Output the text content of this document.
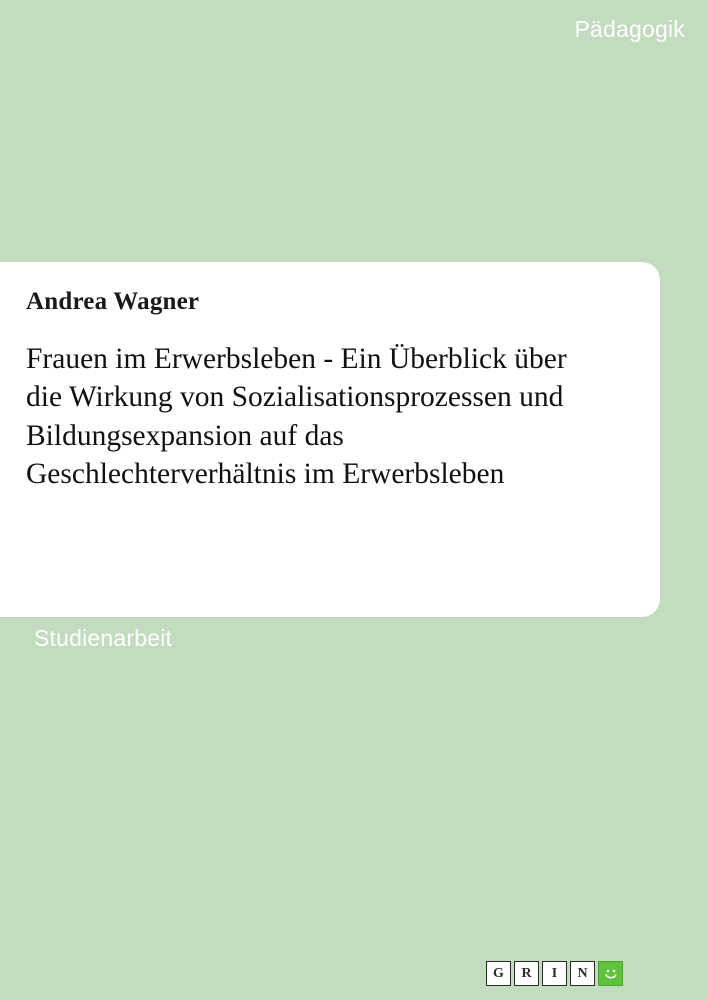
Pädagogik
Andrea Wagner
Frauen im Erwerbsleben - Ein Überblick über die Wirkung von Sozialisationsprozessen und Bildungsexpansion auf das Geschlechterverhältnis im Erwerbsleben
Studienarbeit
G	R	I	N
